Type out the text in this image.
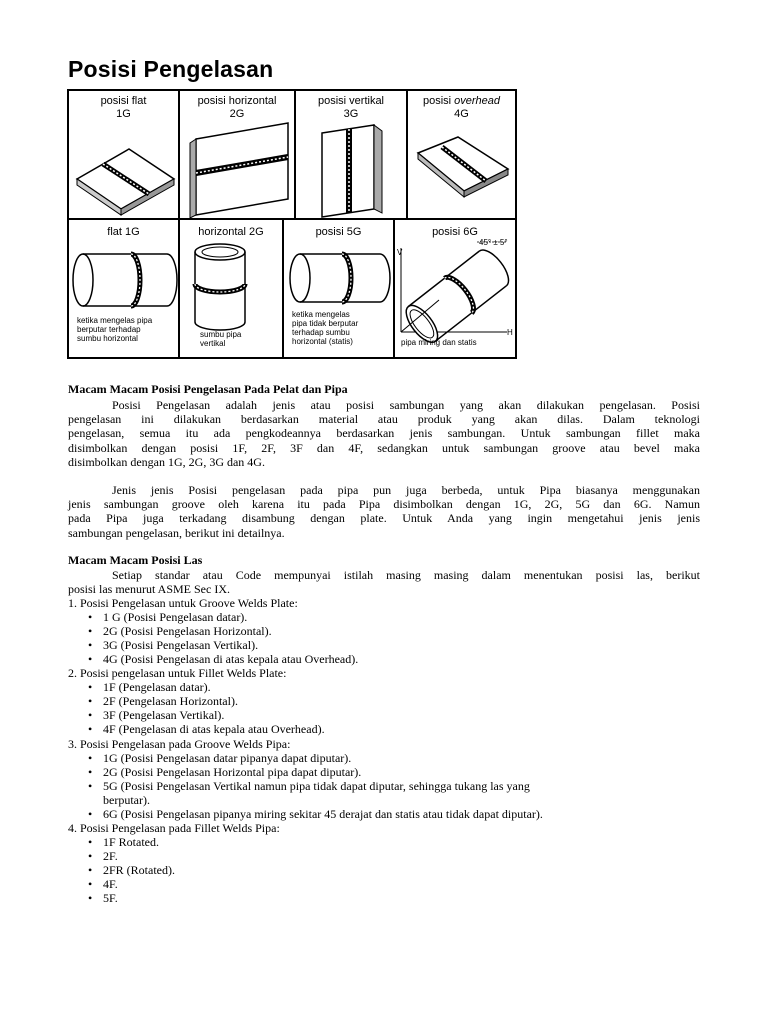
Posisi Pengelasan
posisi flat
1G
posisi horizontal
2G
posisi vertikal
3G
posisi overhead
4G
flat 1G
ketika mengelas pipa
berputar terhadap
sumbu horizontal
horizontal 2G
sumbu pipa
vertikal
posisi 5G
ketika mengelas
pipa tidak berputar
terhadap sumbu
horizontal (statis)
posisi 6G
45° ± 5°
V
H
pipa miring dan statis
Macam Macam Posisi Pengelasan Pada Pelat dan Pipa
Posisi Pengelasan adalah jenis atau posisi sambungan yang akan dilakukan pengelasan. Posisi
pengelasan ini dilakukan berdasarkan material atau produk yang akan dilas. Dalam teknologi
pengelasan, semua itu ada pengkodeannya berdasarkan jenis sambungan. Untuk sambungan fillet maka
disimbolkan dengan posisi 1F, 2F, 3F dan 4F, sedangkan untuk sambungan groove atau bevel maka
disimbolkan dengan 1G, 2G, 3G dan 4G.
Jenis jenis Posisi pengelasan pada pipa pun juga berbeda, untuk Pipa biasanya menggunakan
jenis sambungan groove oleh karena itu pada Pipa disimbolkan dengan 1G, 2G, 5G dan 6G. Namun
pada Pipa juga terkadang disambung dengan plate. Untuk Anda yang ingin mengetahui jenis jenis
sambungan pengelasan, berikut ini detailnya.
Macam Macam Posisi Las
Setiap standar atau Code mempunyai istilah masing masing dalam menentukan posisi las, berikut
posisi las menurut ASME Sec IX.
1. Posisi Pengelasan untuk Groove Welds Plate:
• 1 G (Posisi Pengelasan datar).
• 2G (Posisi Pengelasan Horizontal).
• 3G (Posisi Pengelasan Vertikal).
• 4G (Posisi Pengelasan di atas kepala atau Overhead).
2. Posisi pengelasan untuk Fillet Welds Plate:
• 1F (Pengelasan datar).
• 2F (Pengelasan Horizontal).
• 3F (Pengelasan Vertikal).
• 4F (Pengelasan di atas kepala atau Overhead).
3. Posisi Pengelasan pada Groove Welds Pipa:
• 1G (Posisi Pengelasan datar pipanya dapat diputar).
• 2G (Posisi Pengelasan Horizontal pipa dapat diputar).
• 5G (Posisi Pengelasan Vertikal namun pipa tidak dapat diputar, sehingga tukang las yang
berputar).
• 6G (Posisi Pengelasan pipanya miring sekitar 45 derajat dan statis atau tidak dapat diputar).
4. Posisi Pengelasan pada Fillet Welds Pipa:
• 1F Rotated.
• 2F.
• 2FR (Rotated).
• 4F.
• 5F.
